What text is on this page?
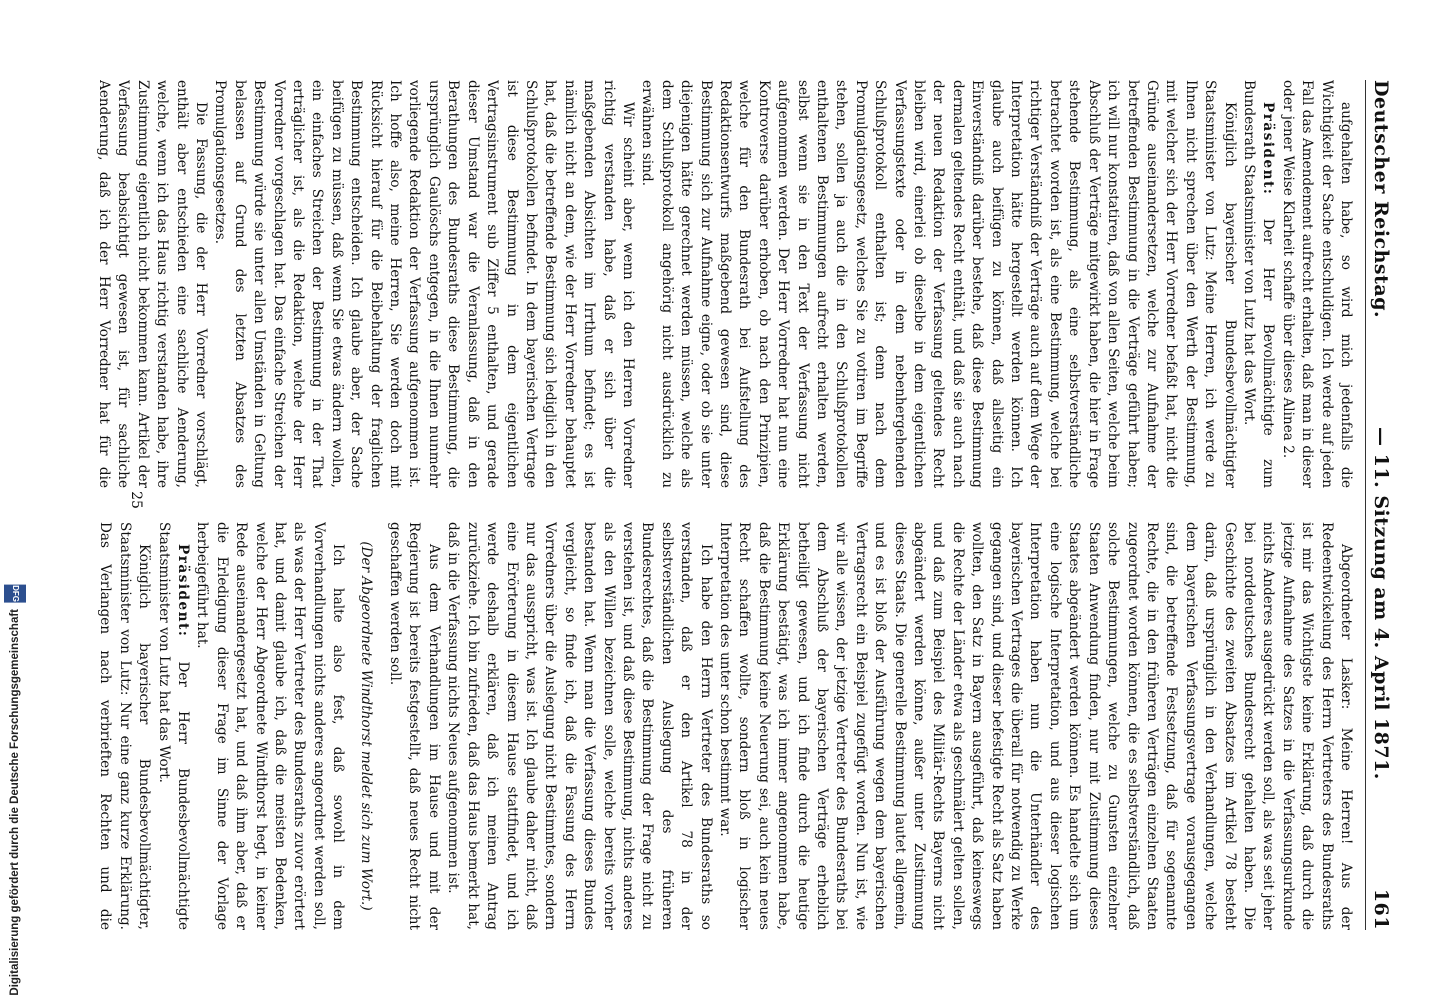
Deutscher Reichstag.
— 11. Sitzung am 4. April 1871.
161

aufgehalten habe, so wird mich jedenfalls die Wichtigkeit der Sache entschuldigen. Ich werde auf jeden Fall das Amendement aufrecht erhalten, daß man in dieser oder jener Weise Klarheit schaffe über dieses Alinea 2.

Präsident: Der Herr Bevollmächtigte zum Bundesrath Staatsminister von Lutz hat das Wort.

Königlich bayerischer Bundesbevollmächtigter Staatsminister von Lutz: Meine Herren, ich werde zu Ihnen nicht sprechen über den Werth der Bestimmung, mit welcher sich der Herr Vorredner befaßt hat, nicht die Gründe auseinandersetzen, welche zur Aufnahme der betreffenden Bestimmung in die Verträge geführt haben; ich will nur konstatiren, daß von allen Seiten, welche beim Abschluß der Verträge mitgewirkt haben, die hier in Frage stehende Bestimmung, als eine selbstverständliche betrachtet worden ist, als eine Bestimmung, welche bei richtiger Verständniß der Verträge auch auf dem Wege der Interpretation hätte hergestellt werden können. Ich glaube auch beifügen zu können, daß allseitig ein Einverständniß darüber bestehe, daß diese Bestimmung dermalen geltendes Recht enthält, und daß sie auch nach der neuen Redaktion der Verfassung geltendes Recht bleiben wird, einerlei ob dieselbe in dem eigentlichen Verfassungstexte oder in dem nebenhergehenden Schlußprotokoll enthalten ist; denn nach dem Promulgationsgesetz, welches Sie zu votiren im Begriffe stehen, sollen ja auch die in den Schlußprotokollen enthaltenen Bestimmungen aufrecht erhalten werden, selbst wenn sie in den Text der Verfassung nicht aufgenommen werden. Der Herr Vorredner hat nun eine Kontroverse darüber erhoben, ob nach den Prinzipien, welche für den Bundesrath bei Aufstellung des Redaktionsentwurfs maßgebend gewesen sind, diese Bestimmung sich zur Aufnahme eigne, oder ob sie unter diejenigen hätte gerechnet werden müssen, welche als dem Schlußprotokoll angehörig nicht ausdrücklich zu erwähnen sind.

Wir scheint aber, wenn ich den Herren Vorredner richtig verstanden habe, daß er sich über die maßgebenden Absichten im Irrthum befindet; es ist nämlich nicht an dem, wie der Herr Vorredner behauptet hat, daß die betreffende Bestimmung sich lediglich in den Schlußprotokollen befindet. In dem bayerischen Vertrage ist diese Bestimmung in dem eigentlichen Vertragsinstrument sub Ziffer 5 enthalten, und gerade dieser Umstand war die Veranlassung, daß in den Berathungen des Bundesraths diese Bestimmung, die ursprünglich Gaulöschs entgegen, in die Ihnen nunmehr vorliegende Redaktion der Verfassung aufgenommen ist. Ich hoffe also, meine Herren, Sie werden doch mit Rücksicht hierauf für die Beibehaltung der fraglichen Bestimmung entscheiden. Ich glaube aber, der Sache beifügen zu müssen, daß wenn Sie etwas ändern wollen, ein einfaches Streichen der Bestimmung in der That erträglicher ist, als die Redaktion, welche der Herr Vorredner vorgeschlagen hat. Das einfache Streichen der Bestimmung würde sie unter allen Umständen in Geltung belassen auf Grund des letzten Absatzes des Promulgationsgesetzes.

Die Fassung, die der Herr Vorredner vorschlägt, enthält aber entschieden eine sachliche Aenderung, welche, wenn ich das Haus richtig verstanden habe, ihre Zustimmung eigentlich nicht bekommen kann. Artikel der Verfassung beabsichtigt gewesen ist, für sachliche Aenderung, daß ich der Herr Vorredner hat für die

Abgeordneter Lasker: Meine Herren! Aus der Redeentwickelung des Herrn Vertreters des Bundesraths ist mir das Wichtigste keine Erklärung, daß durch die jetzige Aufnahme des Satzes in die Verfassungsurkunde nichts Anderes ausgedrückt werden soll, als was seit jeher bei norddeutsches Bundesrecht gehalten haben. Die Geschichte des zweiten Absatzes im Artikel 78 besteht darin, daß ursprünglich in den Verhandlungen, welche dem bayerischen Verfassungsvertrage vorausgegangen sind, die betreffende Festsetzung, daß für sogenannte Rechte, die in den früheren Verträgen einzelnen Staaten zugeordnet worden können, die es selbstverständlich, daß solche Bestimmungen, welche zu Gunsten einzelner Staaten Anwendung finden, nur mit Zustimmung dieses Staates abgeändert werden können. Es handelte sich um eine logische Interpretation, und aus dieser logischen Interpretation haben nun die Unterhändler des bayerischen Vertrages die überall für notwendig zu Werke gegangen sind, und dieser befestigte Recht als Satz haben wollten, den Satz in Bayern ausgeführt, daß keineswegs die Rechte der Länder etwa als geschmälert gelten sollen, und daß zum Beispiel des Militär-Rechts Bayerns nicht abgeändert werden könne, außer unter Zustimmung dieses Staats. Die generelle Bestimmung lautet allgemein, und es ist bloß der Ausführung wegen dem bayerischen Vertragsrecht ein Beispiel zugefügt worden. Nun ist, wie wir alle wissen, der jetzige Vertreter des Bundesraths bei dem Abschluß der bayerischen Verträge erheblich betheiligt gewesen, und ich finde durch die heutige Erklärung bestätigt, was ich immer angenommen habe, daß die Bestimmung keine Neuerung sei, auch kein neues Recht schaffen wollte, sondern bloß in logischer Interpretation des unter schon bestimmt war.

Ich habe den Herrn Vertreter des Bundesraths so verstanden, daß er den Artikel 78 in der selbstverständlichen Auslegung des früheren Bundesrechtes, daß die Bestimmung der Frage nicht zu verstehen ist, und daß diese Bestimmung, nichts anderes als den Willen bezeichnen solle, welche bereits vorher bestanden hat. Wenn man die Verfassung dieses Bundes vergleicht, so finde ich, daß die Fassung des Herrn Vorredners über die Auslegung nicht Bestimmtes, sondern nur das ausspricht, was ist. Ich glaube daher nicht, daß eine Erörterung in diesem Hause stattfindet, und ich werde deshalb erklären, daß ich meinen Antrag zurückziehe. Ich bin zufrieden, daß das Haus bemerkt hat, daß in die Verfassung nichts Neues aufgenommen ist.

Aus dem Verhandlungen im Hause und mit der Regierung ist bereits festgestellt, daß neues Recht nicht geschaffen werden soll.

(Der Abgeordnete Windthorst meldet sich zum Wort.)

Ich halte also fest, daß sowohl in dem Vorverhandlungen nichts anderes angeordnet werden soll, als was der Herr Vertreter des Bundesraths zuvor erörtert hat, und damit glaube ich, daß die meisten Bedenken, welche der Herr Abgeordnete Windthorst hegt, in keiner Rede auseinandergesetzt hat, und daß ihm aber, daß er die Erledigung dieser Frage im Sinne der Vorlage herbeigeführt hat.

Präsident: Der Herr Bundesbevollmächtigte Staatsminister von Lutz hat das Wort.

Königlich bayerischer Bundesbevollmächtigter, Staatsminister von Lutz: Nur eine ganz kurze Erklärung. Das Verlangen nach verbrieften Rechten und die

25
Digitalisierung gefördert durch die Deutsche Forschungsgemeinschaft
DFG
